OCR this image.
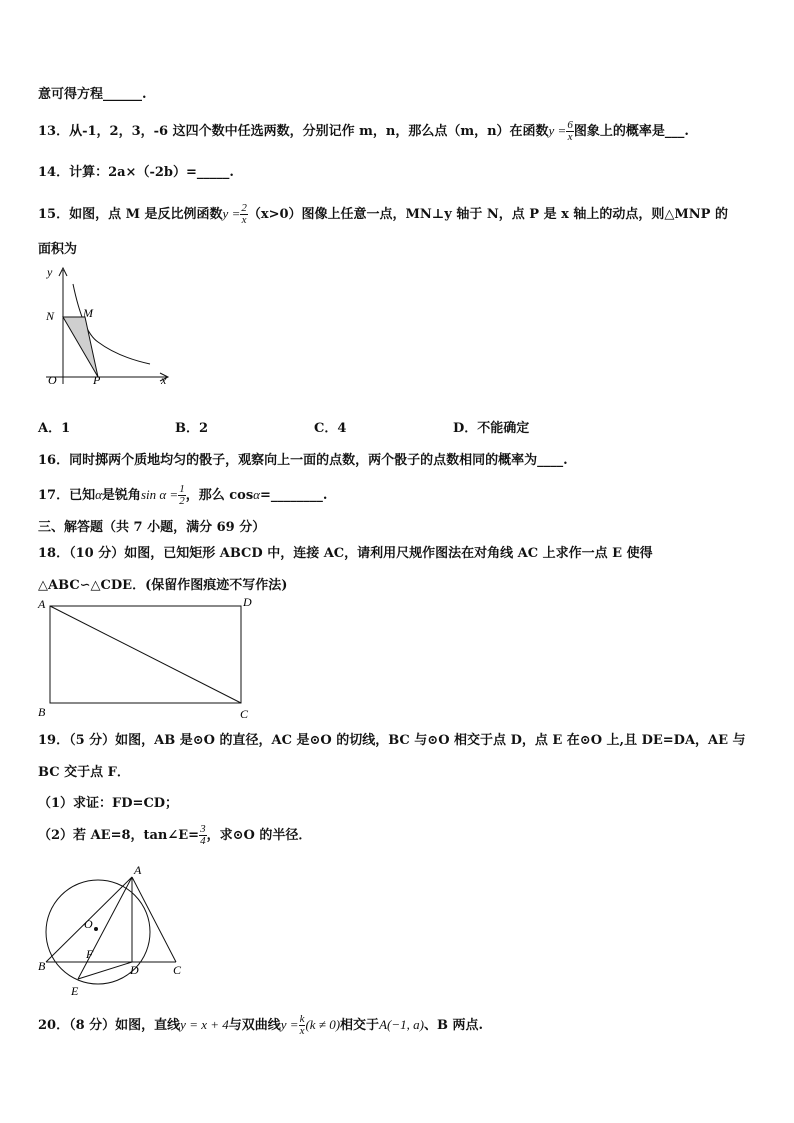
意可得方程______.
13．从-1，2，3，-6 这四个数中任选两数，分别记作 m，n，那么点（m，n）在函数$y = \frac{6}{x}$ 图象上的概率是___.
14．计算：2a×（-2b）=_____.
15．如图，点 M 是反比例函数$y = \frac{2}{x} (x>0)$图像上任意一点，MN⊥y 轴于 N，点 P 是 x 轴上的动点，则△MNP 的
面积为
y
x
N M
O	P
A．1	B．2	C．4	D．不能确定
16．同时掷两个质地均匀的骰子，观察向上一面的点数，两个骰子的点数相同的概率为____.
17．已知α是锐角$\sin \alpha = \frac{1}{2}$ ，那么 cosα=________.
三、解答题（共 7 小题，满分 69 分）
18．（10 分）如图，已知矩形 ABCD 中，连接 AC，请利用尺规作图法在对角线 AC 上求作一点 E 使得
△ABC∽△CDE．(保留作图痕迹不写作法)
A	D
B	C
19．（5 分）如图，AB 是⊙O 的直径，AC 是⊙O 的切线，BC 与⊙O 相交于点 D，点 E 在⊙O 上,且 DE=DA，AE 与
BC 交于点 F．
（1）求证：FD=CD；
（2）若 AE=8，tan∠E= $\frac{3}{4}$ ，求⊙O 的半径．
O
A
B
F
D	C
E
20．（8 分）如图，直线y = x + 4与双曲线$y = \frac{k}{x} (k \ne 0)$相交于A(−1, a)、B 两点.
